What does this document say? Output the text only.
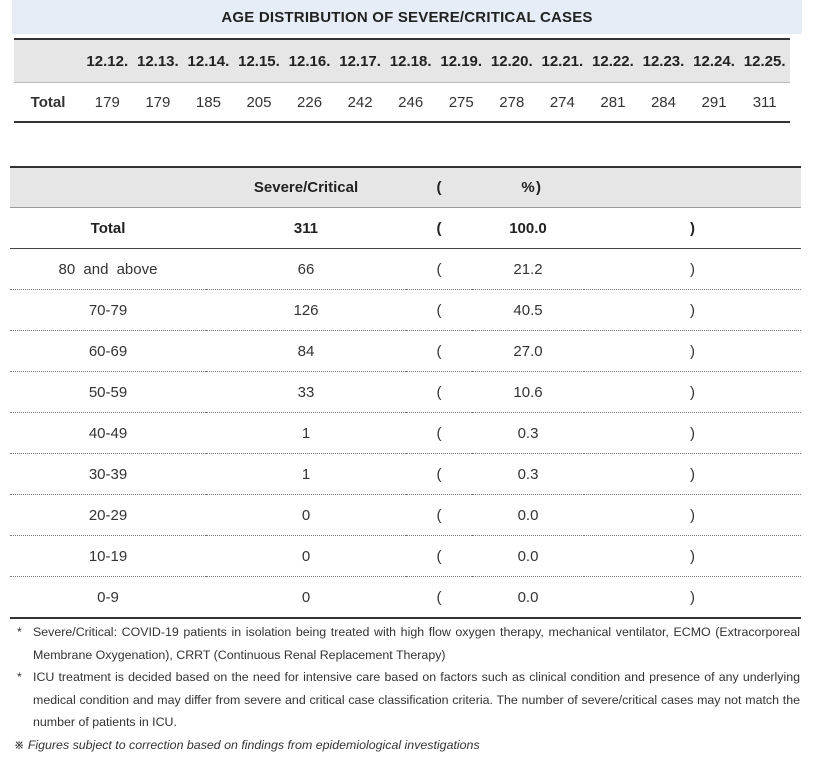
AGE DISTRIBUTION OF SEVERE/CRITICAL CASES
	12.12.	12.13.	12.14.	12.15.	12.16.	12.17.	12.18.	12.19.	12.20.	12.21.	12.22.	12.23.	12.24.	12.25.
Total	179	179	185	205	226	242	246	275	278	274	281	284	291	311
	Severe/Critical	(	%	)
Total	311	(	100.0	)
80 and above	66	(	21.2	)
70-79	126	(	40.5	)
60-69	84	(	27.0	)
50-59	33	(	10.6	)
40-49	1	(	0.3	)
30-39	1	(	0.3	)
20-29	0	(	0.0	)
10-19	0	(	0.0	)
0-9	0	(	0.0	)
* Severe/Critical: COVID-19 patients in isolation being treated with high flow oxygen therapy, mechanical ventilator, ECMO (Extracorporeal Membrane Oxygenation), CRRT (Continuous Renal Replacement Therapy)
* ICU treatment is decided based on the need for intensive care based on factors such as clinical condition and presence of any underlying medical condition and may differ from severe and critical case classification criteria. The number of severe/critical cases may not match the number of patients in ICU.
※ Figures subject to correction based on findings from epidemiological investigations
